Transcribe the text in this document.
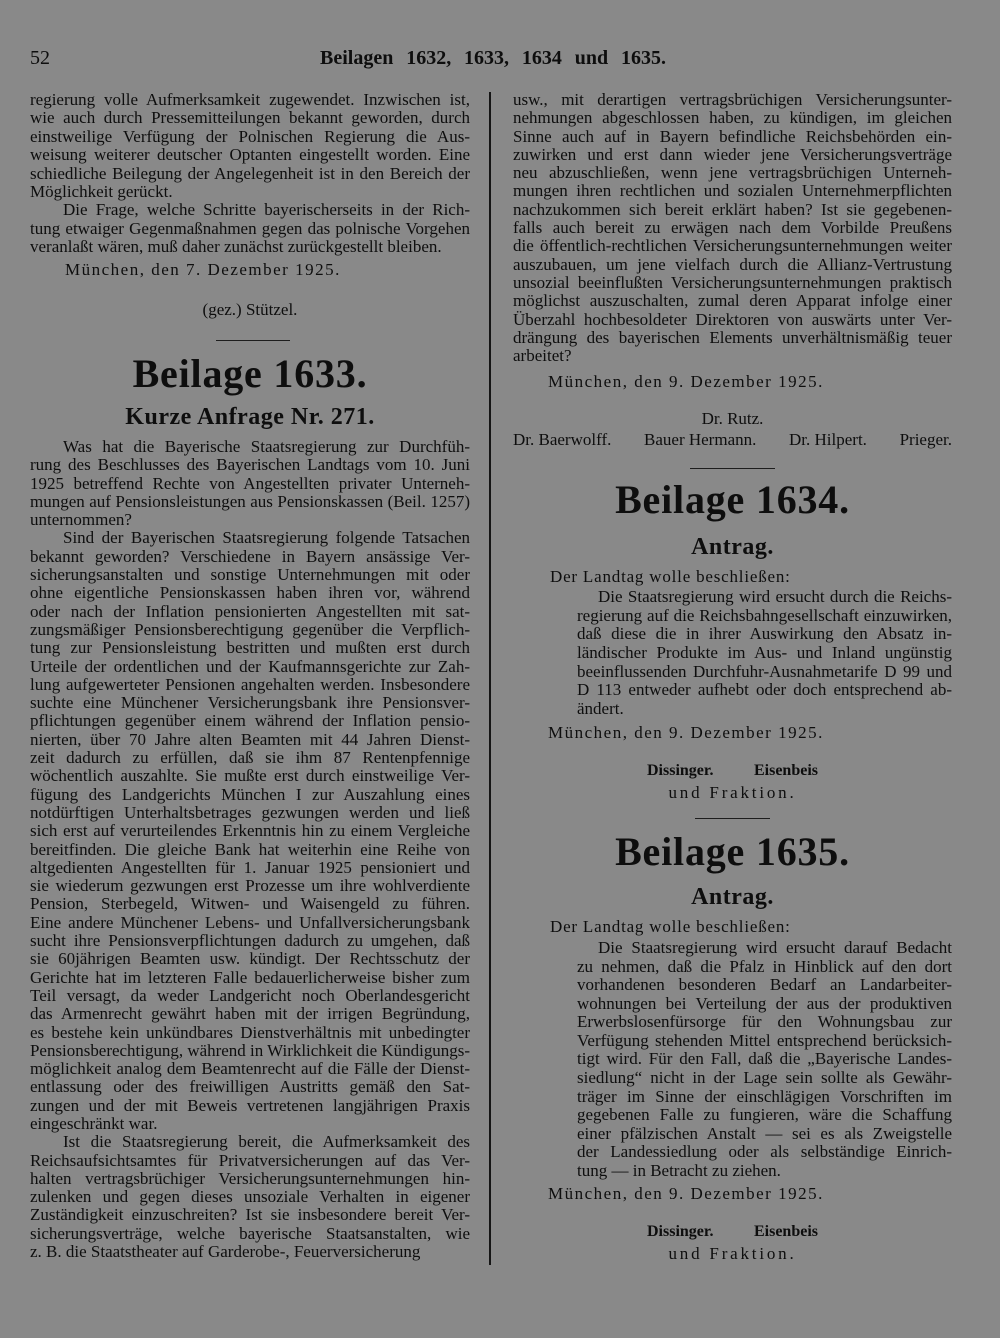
52	Beilagen 1632, 1633, 1634 und 1635.
regierung volle Aufmerksamkeit zugewendet. Inzwischen ist,
wie auch durch Pressemitteilungen bekannt geworden, durch
einstweilige Verfügung der Polnischen Regierung die Aus-
weisung weiterer deutscher Optanten eingestellt worden. Eine
schiedliche Beilegung der Angelegenheit ist in den Bereich der
Möglichkeit gerückt.
Die Frage, welche Schritte bayerischerseits in der Rich-
tung etwaiger Gegenmaßnahmen gegen das polnische Vorgehen
veranlaßt wären, muß daher zunächst zurückgestellt bleiben.
München, den 7. Dezember 1925.
(gez.) Stützel.
Beilage 1633.
Kurze Anfrage Nr. 271.
Was hat die Bayerische Staatsregierung zur Durchfüh-
rung des Beschlusses des Bayerischen Landtags vom 10. Juni
1925 betreffend Rechte von Angestellten privater Unterneh-
mungen auf Pensionsleistungen aus Pensionskassen (Beil. 1257)
unternommen?
Sind der Bayerischen Staatsregierung folgende Tatsachen
bekannt geworden? Verschiedene in Bayern ansässige Ver-
sicherungsanstalten und sonstige Unternehmungen mit oder
ohne eigentliche Pensionskassen haben ihren vor, während
oder nach der Inflation pensionierten Angestellten mit sat-
zungsmäßiger Pensionsberechtigung gegenüber die Verpflich-
tung zur Pensionsleistung bestritten und mußten erst durch
Urteile der ordentlichen und der Kaufmannsgerichte zur Zah-
lung aufgewerteter Pensionen angehalten werden. Insbesondere
suchte eine Münchener Versicherungsbank ihre Pensionsver-
pflichtungen gegenüber einem während der Inflation pensio-
nierten, über 70 Jahre alten Beamten mit 44 Jahren Dienst-
zeit dadurch zu erfüllen, daß sie ihm 87 Rentenpfennige
wöchentlich auszahlte. Sie mußte erst durch einstweilige Ver-
fügung des Landgerichts München I zur Auszahlung eines
notdürftigen Unterhaltsbetrages gezwungen werden und ließ
sich erst auf verurteilendes Erkenntnis hin zu einem Vergleiche
bereitfinden. Die gleiche Bank hat weiterhin eine Reihe von
altgedienten Angestellten für 1. Januar 1925 pensioniert und
sie wiederum gezwungen erst Prozesse um ihre wohlverdiente
Pension, Sterbegeld, Witwen- und Waisengeld zu führen.
Eine andere Münchener Lebens- und Unfallversicherungsbank
sucht ihre Pensionsverpflichtungen dadurch zu umgehen, daß
sie 60jährigen Beamten usw. kündigt. Der Rechtsschutz der
Gerichte hat im letzteren Falle bedauerlicherweise bisher zum
Teil versagt, da weder Landgericht noch Oberlandesgericht
das Armenrecht gewährt haben mit der irrigen Begründung,
es bestehe kein unkündbares Dienstverhältnis mit unbedingter
Pensionsberechtigung, während in Wirklichkeit die Kündigungs-
möglichkeit analog dem Beamtenrecht auf die Fälle der Dienst-
entlassung oder des freiwilligen Austritts gemäß den Sat-
zungen und der mit Beweis vertretenen langjährigen Praxis
eingeschränkt war.
Ist die Staatsregierung bereit, die Aufmerksamkeit des
Reichsaufsichtsamtes für Privatversicherungen auf das Ver-
halten vertragsbrüchiger Versicherungsunternehmungen hin-
zulenken und gegen dieses unsoziale Verhalten in eigener
Zuständigkeit einzuschreiten? Ist sie insbesondere bereit Ver-
sicherungsverträge, welche bayerische Staatsanstalten, wie
z. B. die Staatstheater auf Garderobe-, Feuerversicherung
usw., mit derartigen vertragsbrüchigen Versicherungsunter-
nehmungen abgeschlossen haben, zu kündigen, im gleichen
Sinne auch auf in Bayern befindliche Reichsbehörden ein-
zuwirken und erst dann wieder jene Versicherungsverträge
neu abzuschließen, wenn jene vertragsbrüchigen Unterneh-
mungen ihren rechtlichen und sozialen Unternehmerpflichten
nachzukommen sich bereit erklärt haben? Ist sie gegebenen-
falls auch bereit zu erwägen nach dem Vorbilde Preußens
die öffentlich-rechtlichen Versicherungsunternehmungen weiter
auszubauen, um jene vielfach durch die Allianz-Vertrustung
unsozial beeinflußten Versicherungsunternehmungen praktisch
möglichst auszuschalten, zumal deren Apparat infolge einer
Überzahl hochbesoldeter Direktoren von auswärts unter Ver-
drängung des bayerischen Elements unverhältnismäßig teuer
arbeitet?
München, den 9. Dezember 1925.
Dr. Rutz.
Dr. Baerwolff. Bauer Hermann. Dr. Hilpert. Prieger.
Beilage 1634.
Antrag.
Der Landtag wolle beschließen:
Die Staatsregierung wird ersucht durch die Reichs-
regierung auf die Reichsbahngesellschaft einzuwirken,
daß diese die in ihrer Auswirkung den Absatz in-
ländischer Produkte im Aus- und Inland ungünstig
beeinflussenden Durchfuhr-Ausnahmetarife D 99 und
D 113 entweder aufhebt oder doch entsprechend ab-
ändert.
München, den 9. Dezember 1925.
Dissinger.	Eisenbeis
und Fraktion.
Beilage 1635.
Antrag.
Der Landtag wolle beschließen:
Die Staatsregierung wird ersucht darauf Bedacht
zu nehmen, daß die Pfalz in Hinblick auf den dort
vorhandenen besonderen Bedarf an Landarbeiter-
wohnungen bei Verteilung der aus der produktiven
Erwerbslosenfürsorge für den Wohnungsbau zur
Verfügung stehenden Mittel entsprechend berücksich-
tigt wird. Für den Fall, daß die „Bayerische Landes-
siedlung“ nicht in der Lage sein sollte als Gewähr-
träger im Sinne der einschlägigen Vorschriften im
gegebenen Falle zu fungieren, wäre die Schaffung
einer pfälzischen Anstalt — sei es als Zweigstelle
der Landessiedlung oder als selbständige Einrich-
tung — in Betracht zu ziehen.
München, den 9. Dezember 1925.
Dissinger.	Eisenbeis
und Fraktion.
